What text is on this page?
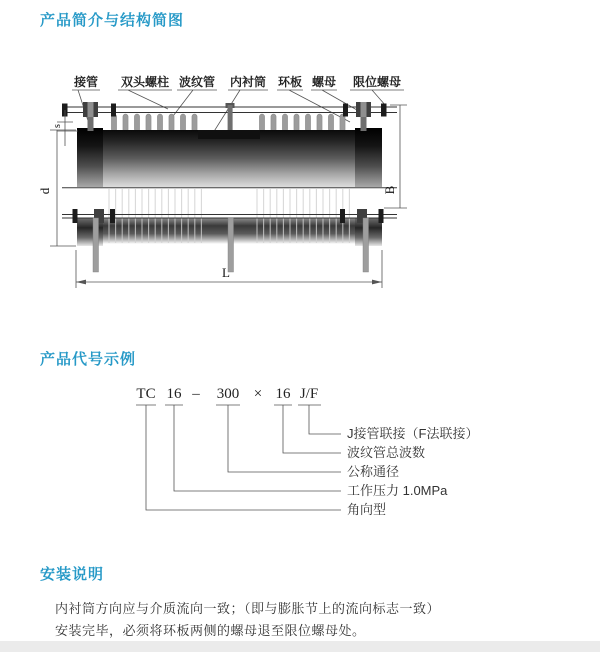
产品简介与结构简图
接管 双头螺柱 波纹管 内衬筒 环板 螺母 限位螺母
s
d	B
L
产品代号示例
TC 16 – 300 × 16 J/F
J接管联接（F法联接）
波纹管总波数
公称通径
工作压力 1.0MPa
角向型
安装说明

内衬筒方向应与介质流向一致；（即与膨胀节上的流向标志一致）

安装完毕，必须将环板两侧的螺母退至限位螺母处。
